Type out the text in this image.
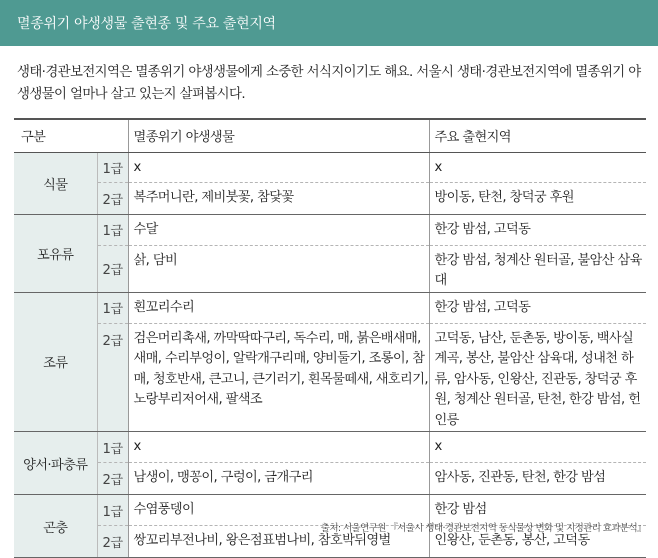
멸종위기 야생생물 출현종 및 주요 출현지역

생태·경관보전지역은 멸종위기 야생생물에게 소중한 서식지이기도 해요. 서울시 생태·경관보전지역에 멸종위기 야생생물이 얼마나 살고 있는지 살펴봅시다.

구분		멸종위기 야생생물	주요 출현지역
식물	1급	x	x
	2급	복주머니란, 제비붓꽃, 참닻꽃	방이동, 탄천, 창덕궁 후원
포유류	1급	수달	한강 밤섬, 고덕동
	2급	삵, 담비	한강 밤섬, 청계산 원터골, 불암산 삼육대
조류	1급	흰꼬리수리	한강 밤섬, 고덕동
	2급	검은머리촉새, 까막딱따구리, 독수리, 매, 붉은배새매, 새매, 수리부엉이, 알락개구리매, 양비둘기, 조롱이, 참매, 청호반새, 큰고니, 큰기러기, 흰목물떼새, 새호리기, 노랑부리저어새, 팔색조	고덕동, 남산, 둔촌동, 방이동, 백사실 계곡, 봉산, 불암산 삼육대, 성내천 하류, 암사동, 인왕산, 진관동, 창덕궁 후원, 청계산 원터골, 탄천, 한강 밤섬, 헌인릉
양서·파충류	1급	x	x
	2급	남생이, 맹꽁이, 구렁이, 금개구리	암사동, 진관동, 탄천, 한강 밤섬
곤충	1급	수염풍뎅이	한강 밤섬
	2급	쌍꼬리부전나비, 왕은점표범나비, 참호박뒤영벌	인왕산, 둔촌동, 봉산, 고덕동
출처: 서울연구원 『서울시 생태·경관보전지역 동식물상 변화 및 지정관리 효과분석』
